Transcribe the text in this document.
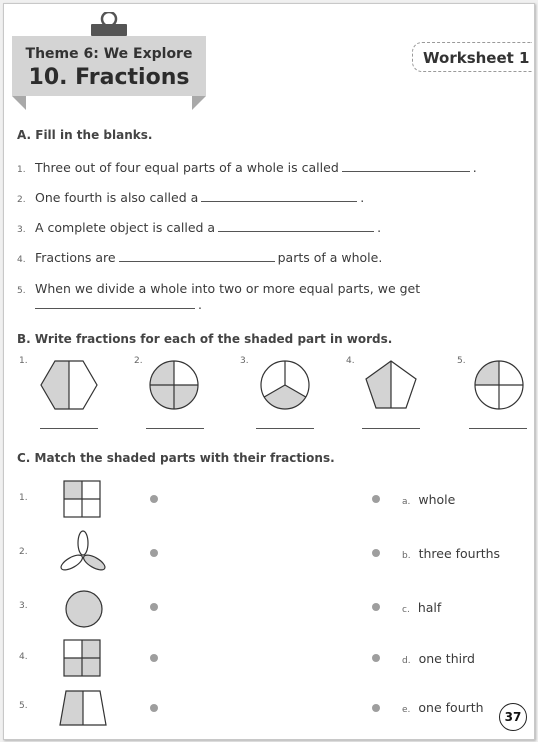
Theme 6: We Explore
10. Fractions
Worksheet 1
A. Fill in the blanks.
1. Three out of four equal parts of a whole is called	.
2. One fourth is also called a	.
3. A complete object is called a	.
4. Fractions are	parts of a whole.
5. When we divide a whole into two or more equal parts, we get
.
B. Write fractions for each of the shaded part in words.
1.	2.	3.	4.	5.
C. Match the shaded parts with their fractions.
1.
2.
3.
4.
5.
a. whole
b. three fourths
c. half
d. one third
e. one fourth
37
